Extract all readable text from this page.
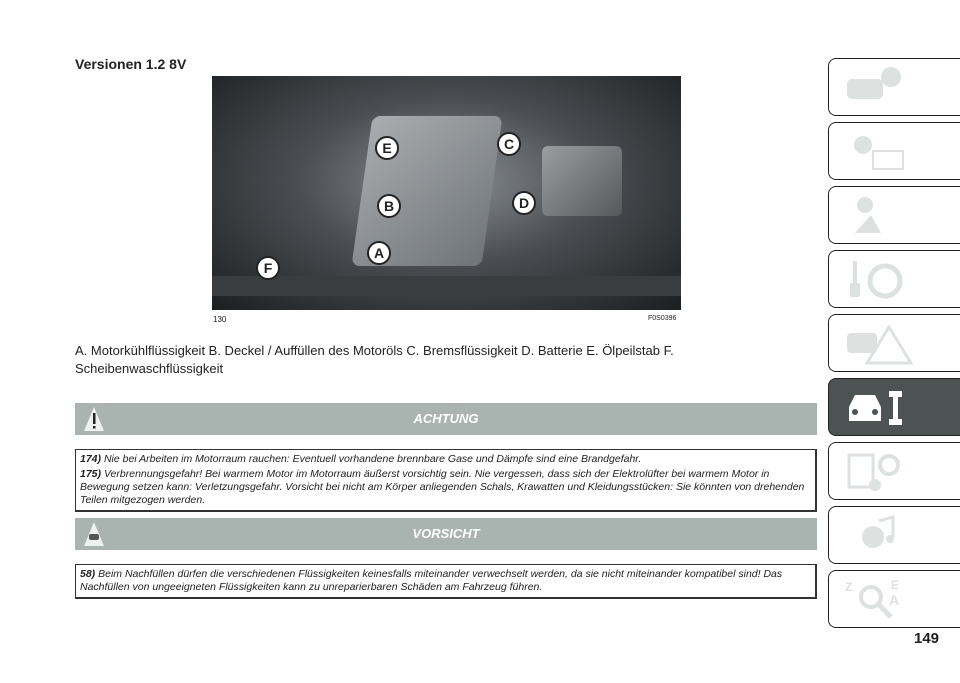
Versionen 1.2 8V
A
B
C
D
E
F
130	F0S0396
A. Motorkühlflüssigkeit B. Deckel / Auffüllen des Motoröls C. Bremsflüssigkeit D. Batterie E. Ölpeilstab F. Scheibenwaschflüssigkeit
ACHTUNG
174) Nie bei Arbeiten im Motorraum rauchen: Eventuell vorhandene brennbare Gase und Dämpfe sind eine Brandgefahr.
175) Verbrennungsgefahr! Bei warmem Motor im Motorraum äußerst vorsichtig sein. Nie vergessen, dass sich der Elektrolüfter bei warmem Motor in Bewegung setzen kann: Verletzungsgefahr. Vorsicht bei nicht am Körper anliegenden Schals, Krawatten und Kleidungsstücken: Sie könnten von drehenden Teilen mitgezogen werden.
VORSICHT
58) Beim Nachfüllen dürfen die verschiedenen Flüssigkeiten keinesfalls miteinander verwechselt werden, da sie nicht miteinander kompatibel sind! Das Nachfüllen von ungeeigneten Flüssigkeiten kann zu unreparierbaren Schäden am Fahrzeug führen.	Z	E
A
149
